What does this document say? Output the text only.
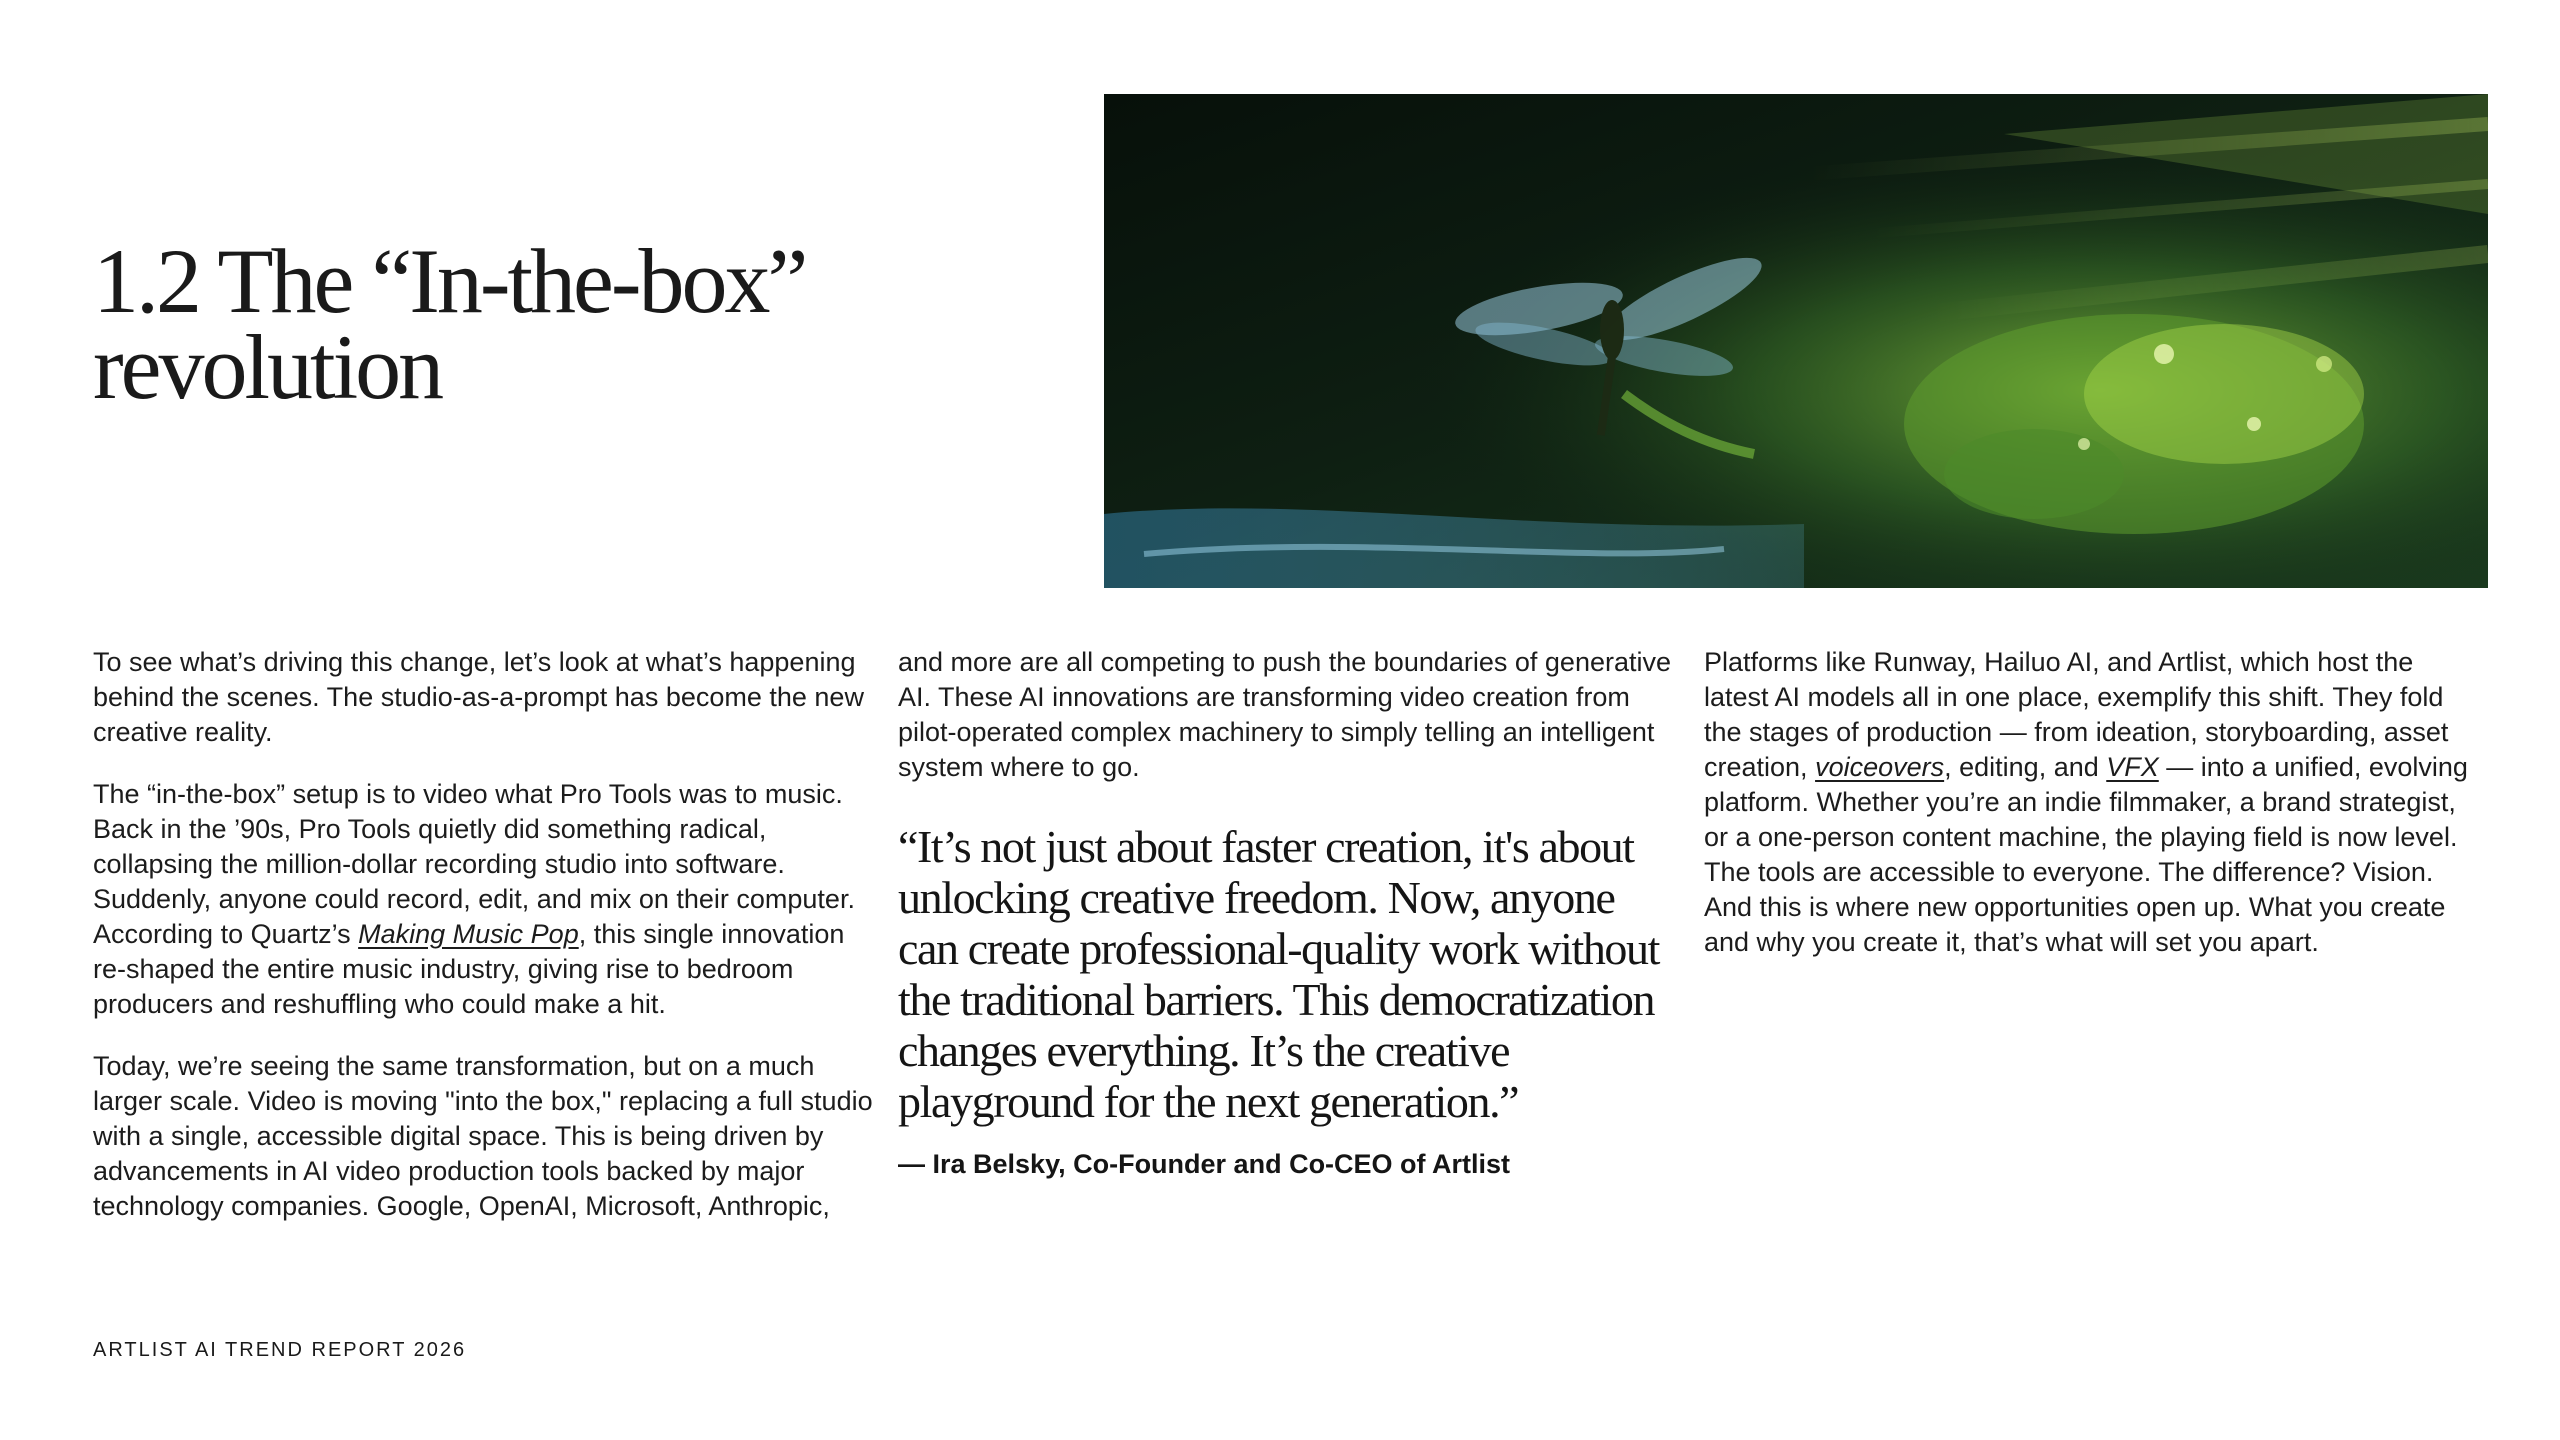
1.2 The “In-the-box”
revolution

To see what’s driving this change, let’s look at what’s happening behind the scenes. The studio-as-a-prompt has become the new creative reality.

The “in-the-box” setup is to video what Pro Tools was to music. Back in the ’90s, Pro Tools quietly did something radical, collapsing the million-dollar recording studio into software. Suddenly, anyone could record, edit, and mix on their computer. According to Quartz’s Making Music Pop, this single innovation re-shaped the entire music industry, giving rise to bedroom producers and reshuffling who could make a hit.

Today, we’re seeing the same transformation, but on a much larger scale. Video is moving "into the box," replacing a full studio with a single, accessible digital space. This is being driven by advancements in AI video production tools backed by major technology companies. Google, OpenAI, Microsoft, Anthropic,

and more are all competing to push the boundaries of generative AI. These AI innovations are transforming video creation from pilot-operated complex machinery to simply telling an intelligent system where to go.

“It’s not just about faster creation, it's about unlocking creative freedom. Now, anyone can create professional-quality work without the traditional barriers. This democratization changes everything. It’s the creative playground for the next generation.”
— Ira Belsky, Co-Founder and Co-CEO of Artlist

Platforms like Runway, Hailuo AI, and Artlist, which host the latest AI models all in one place, exemplify this shift. They fold the stages of production — from ideation, storyboarding, asset creation, voiceovers, editing, and VFX — into a unified, evolving platform. Whether you’re an indie filmmaker, a brand strategist, or a one-person content machine, the playing field is now level. The tools are accessible to everyone. The difference? Vision. And this is where new opportunities open up. What you create and why you create it, that’s what will set you apart.

ARTLIST AI TREND REPORT 2026
